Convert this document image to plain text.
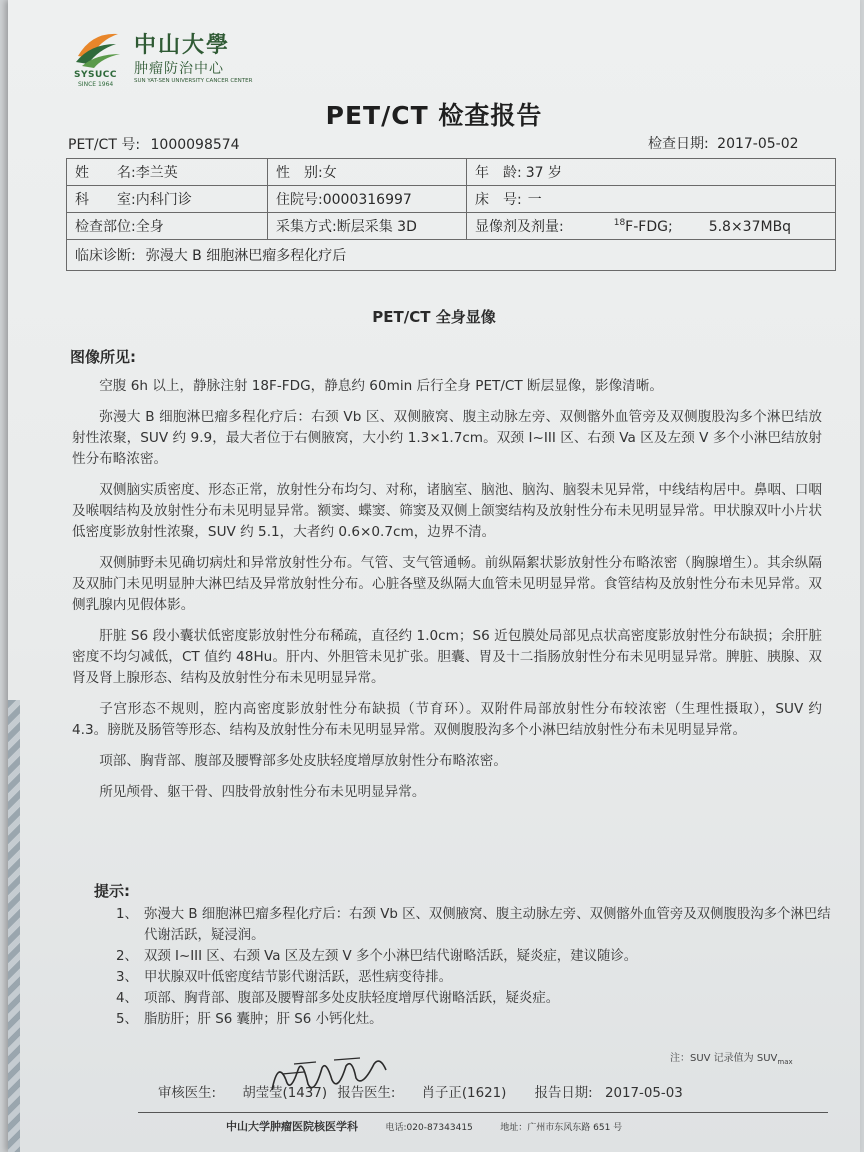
SYSUCC
SINCE 1964
中山大學
肿瘤防治中心
SUN YAT-SEN UNIVERSITY CANCER CENTER
PET/CT 检查报告
PET/CT 号: 1000098574	检查日期: 2017-05-02
姓　　名:李兰英	性　别:女	年　龄: 37 岁
科　　室:内科门诊	住院号:0000316997	床　号: 一
检查部位:全身	采集方式:断层采集 3D	显像剂及剂量: $^{18}$F-FDG; 5.8×37MBq
临床诊断: 弥漫大 B 细胞淋巴瘤多程化疗后		
PET/CT 全身显像
图像所见:

空腹 6h 以上，静脉注射 18F-FDG，静息约 60min 后行全身 PET/CT 断层显像，影像清晰。

弥漫大 B 细胞淋巴瘤多程化疗后：右颈 Vb 区、双侧腋窝、腹主动脉左旁、双侧髂外血管旁及双侧腹股沟多个淋巴结放射性浓聚，SUV 约 9.9，最大者位于右侧腋窝，大小约 1.3×1.7cm。双颈 I~III 区、右颈 Va 区及左颈 V 多个小淋巴结放射性分布略浓密。

双侧脑实质密度、形态正常，放射性分布均匀、对称，诸脑室、脑池、脑沟、脑裂未见异常，中线结构居中。鼻咽、口咽及喉咽结构及放射性分布未见明显异常。额窦、蝶窦、筛窦及双侧上颌窦结构及放射性分布未见明显异常。甲状腺双叶小片状低密度影放射性浓聚，SUV 约 5.1，大者约 0.6×0.7cm，边界不清。

双侧肺野未见确切病灶和异常放射性分布。气管、支气管通畅。前纵隔絮状影放射性分布略浓密（胸腺增生）。其余纵隔及双肺门未见明显肿大淋巴结及异常放射性分布。心脏各壁及纵隔大血管未见明显异常。食管结构及放射性分布未见异常。双侧乳腺内见假体影。

肝脏 S6 段小囊状低密度影放射性分布稀疏，直径约 1.0cm；S6 近包膜处局部见点状高密度影放射性分布缺损；余肝脏密度不均匀减低，CT 值约 48Hu。肝内、外胆管未见扩张。胆囊、胃及十二指肠放射性分布未见明显异常。脾脏、胰腺、双肾及肾上腺形态、结构及放射性分布未见明显异常。

子宫形态不规则，腔内高密度影放射性分布缺损（节育环）。双附件局部放射性分布较浓密（生理性摄取），SUV 约 4.3。膀胱及肠管等形态、结构及放射性分布未见明显异常。双侧腹股沟多个小淋巴结放射性分布未见明显异常。

项部、胸背部、腹部及腰臀部多处皮肤轻度增厚放射性分布略浓密。

所见颅骨、躯干骨、四肢骨放射性分布未见明显异常。

提示:
1、 弥漫大 B 细胞淋巴瘤多程化疗后：右颈 Vb 区、双侧腋窝、腹主动脉左旁、双侧髂外血管旁及双侧腹股沟多个淋巴结代谢活跃，疑浸润。
2、 双颈 I~III 区、右颈 Va 区及左颈 V 多个小淋巴结代谢略活跃，疑炎症，建议随诊。
3、 甲状腺双叶低密度结节影代谢活跃，恶性病变待排。
4、 项部、胸背部、腹部及腰臀部多处皮肤轻度增厚代谢略活跃，疑炎症。
5、 脂肪肝；肝 S6 囊肿；肝 S6 小钙化灶。
注：SUV 记录值为 $SUV_{max}$
审核医生: 胡莹莹(1437) 报告医生: 肖子正(1621) 报告日期: 2017-05-03
中山大学肿瘤医院核医学科	电话:020-87343415	地址：广州市东风东路 651 号
